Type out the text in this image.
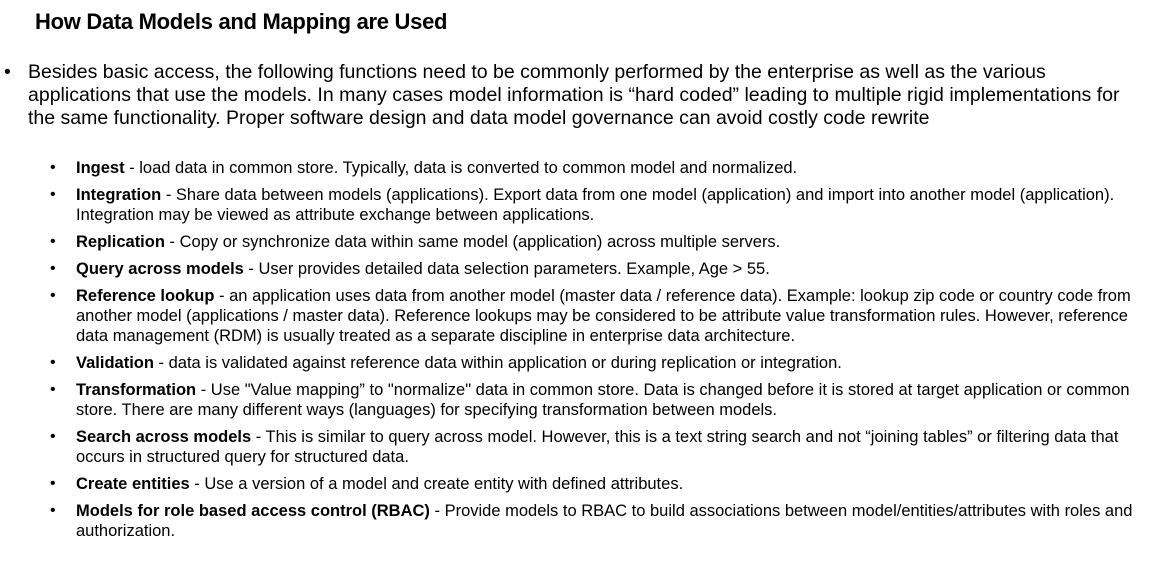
How Data Models and Mapping are Used
• Besides basic access, the following functions need to be commonly performed by the enterprise as well as the various applications that use the models. In many cases model information is “hard coded” leading to multiple rigid implementations for the same functionality. Proper software design and data model governance can avoid costly code rewrite
• Ingest - load data in common store. Typically, data is converted to common model and normalized.
• Integration - Share data between models (applications). Export data from one model (application) and import into another model (application). Integration may be viewed as attribute exchange between applications.
• Replication - Copy or synchronize data within same model (application) across multiple servers.
• Query across models - User provides detailed data selection parameters. Example, Age > 55.
• Reference lookup - an application uses data from another model (master data / reference data). Example: lookup zip code or country code from another model (applications / master data). Reference lookups may be considered to be attribute value transformation rules. However, reference data management (RDM) is usually treated as a separate discipline in enterprise data architecture.
• Validation - data is validated against reference data within application or during replication or integration.
• Transformation - Use "Value mapping” to "normalize" data in common store. Data is changed before it is stored at target application or common store. There are many different ways (languages) for specifying transformation between models.
• Search across models - This is similar to query across model. However, this is a text string search and not “joining tables” or filtering data that occurs in structured query for structured data.
• Create entities - Use a version of a model and create entity with defined attributes.
• Models for role based access control (RBAC) - Provide models to RBAC to build associations between model/entities/attributes with roles and authorization.
